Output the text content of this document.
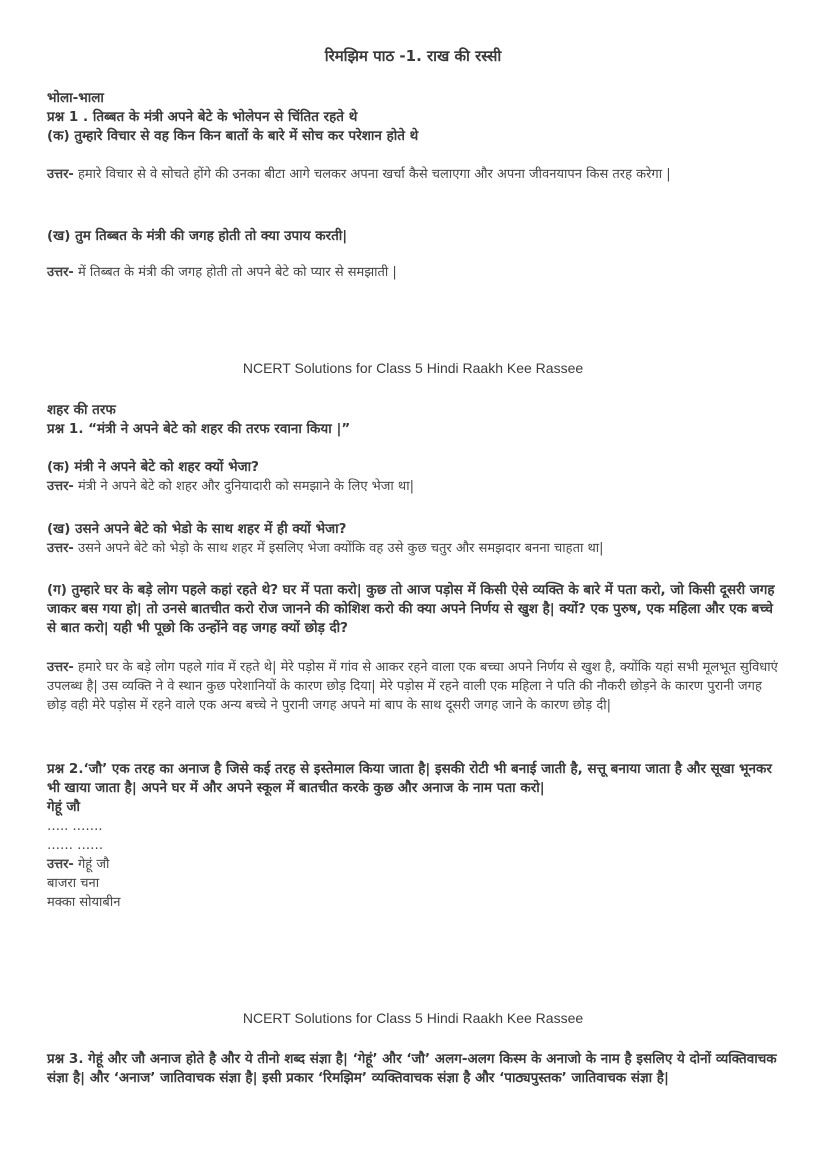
रिमझिम पाठ -1. राख की रस्सी

भोला-भाला

प्रश्न 1 . तिब्बत के मंत्री अपने बेटे के भोलेपन से चिंतित रहते थे

(क) तुम्हारे विचार से वह किन किन बातों के बारे में सोच कर परेशान होते थे

उत्तर- हमारे विचार से वे सोचते होंगे की उनका बीटा आगे चलकर अपना खर्चा कैसे चलाएगा और अपना जीवनयापन किस तरह करेगा |

(ख) तुम तिब्बत के मंत्री की जगह होती तो क्या उपाय करती|

उत्तर- में तिब्बत के मंत्री की जगह होती तो अपने बेटे को प्यार से समझाती |

NCERT Solutions for Class 5 Hindi Raakh Kee Rassee

शहर की तरफ

प्रश्न 1. “मंत्री ने अपने बेटे को शहर की तरफ रवाना किया |”

(क) मंत्री ने अपने बेटे को शहर क्यों भेजा?

उत्तर- मंत्री ने अपने बेटे को शहर और दुनियादारी को समझाने के लिए भेजा था|

(ख) उसने अपने बेटे को भेडो के साथ शहर में ही क्यों भेजा?

उत्तर- उसने अपने बेटे को भेड़ो के साथ शहर में इसलिए भेजा क्योंकि वह उसे कुछ चतुर और समझदार बनना चाहता था|

(ग) तुम्हारे घर के बड़े लोग पहले कहां रहते थे? घर में पता करो| कुछ तो आज पड़ोस में किसी ऐसे व्यक्ति के बारे में पता करो, जो किसी दूसरी जगह जाकर बस गया हो| तो उनसे बातचीत करो रोज जानने की कोशिश करो की क्या अपने निर्णय से खुश है| क्यों? एक पुरुष, एक महिला और एक बच्चे से बात करो| यही भी पूछो कि उन्होंने वह जगह क्यों छोड़ दी?

उत्तर- हमारे घर के बड़े लोग पहले गांव में रहते थे| मेरे पड़ोस में गांव से आकर रहने वाला एक बच्चा अपने निर्णय से खुश है, क्योंकि यहां सभी मूलभूत सुविधाएं उपलब्ध है| उस व्यक्ति ने वे स्थान कुछ परेशानियों के कारण छोड़ दिया| मेरे पड़ोस में रहने वाली एक महिला ने पति की नौकरी छोड़ने के कारण पुरानी जगह छोड़ वही मेरे पड़ोस में रहने वाले एक अन्य बच्चे ने पुरानी जगह अपने मां बाप के साथ दूसरी जगह जाने के कारण छोड़ दी|

प्रश्न 2.‘जौ’ एक तरह का अनाज है जिसे कई तरह से इस्तेमाल किया जाता है| इसकी रोटी भी बनाई जाती है, सत्तू बनाया जाता है और सूखा भूनकर भी खाया जाता है| अपने घर में और अपने स्कूल में बातचीत करके कुछ और अनाज के नाम पता करो|

गेहूं जौ

….. …….

…… ……

उत्तर- गेहूं जौ

बाजरा चना

मक्का सोयाबीन

NCERT Solutions for Class 5 Hindi Raakh Kee Rassee

प्रश्न 3. गेहूं और जौ अनाज होते है और ये तीनो शब्द संज्ञा है| ‘गेहूं’ और ‘जौ’ अलग-अलग किस्म के अनाजो के नाम है इसलिए ये दोनों व्यक्तिवाचक संज्ञा है| और ‘अनाज’ जातिवाचक संज्ञा है| इसी प्रकार ‘रिमझिम’ व्यक्तिवाचक संज्ञा है और ‘पाठ्यपुस्तक’ जातिवाचक संज्ञा है|
